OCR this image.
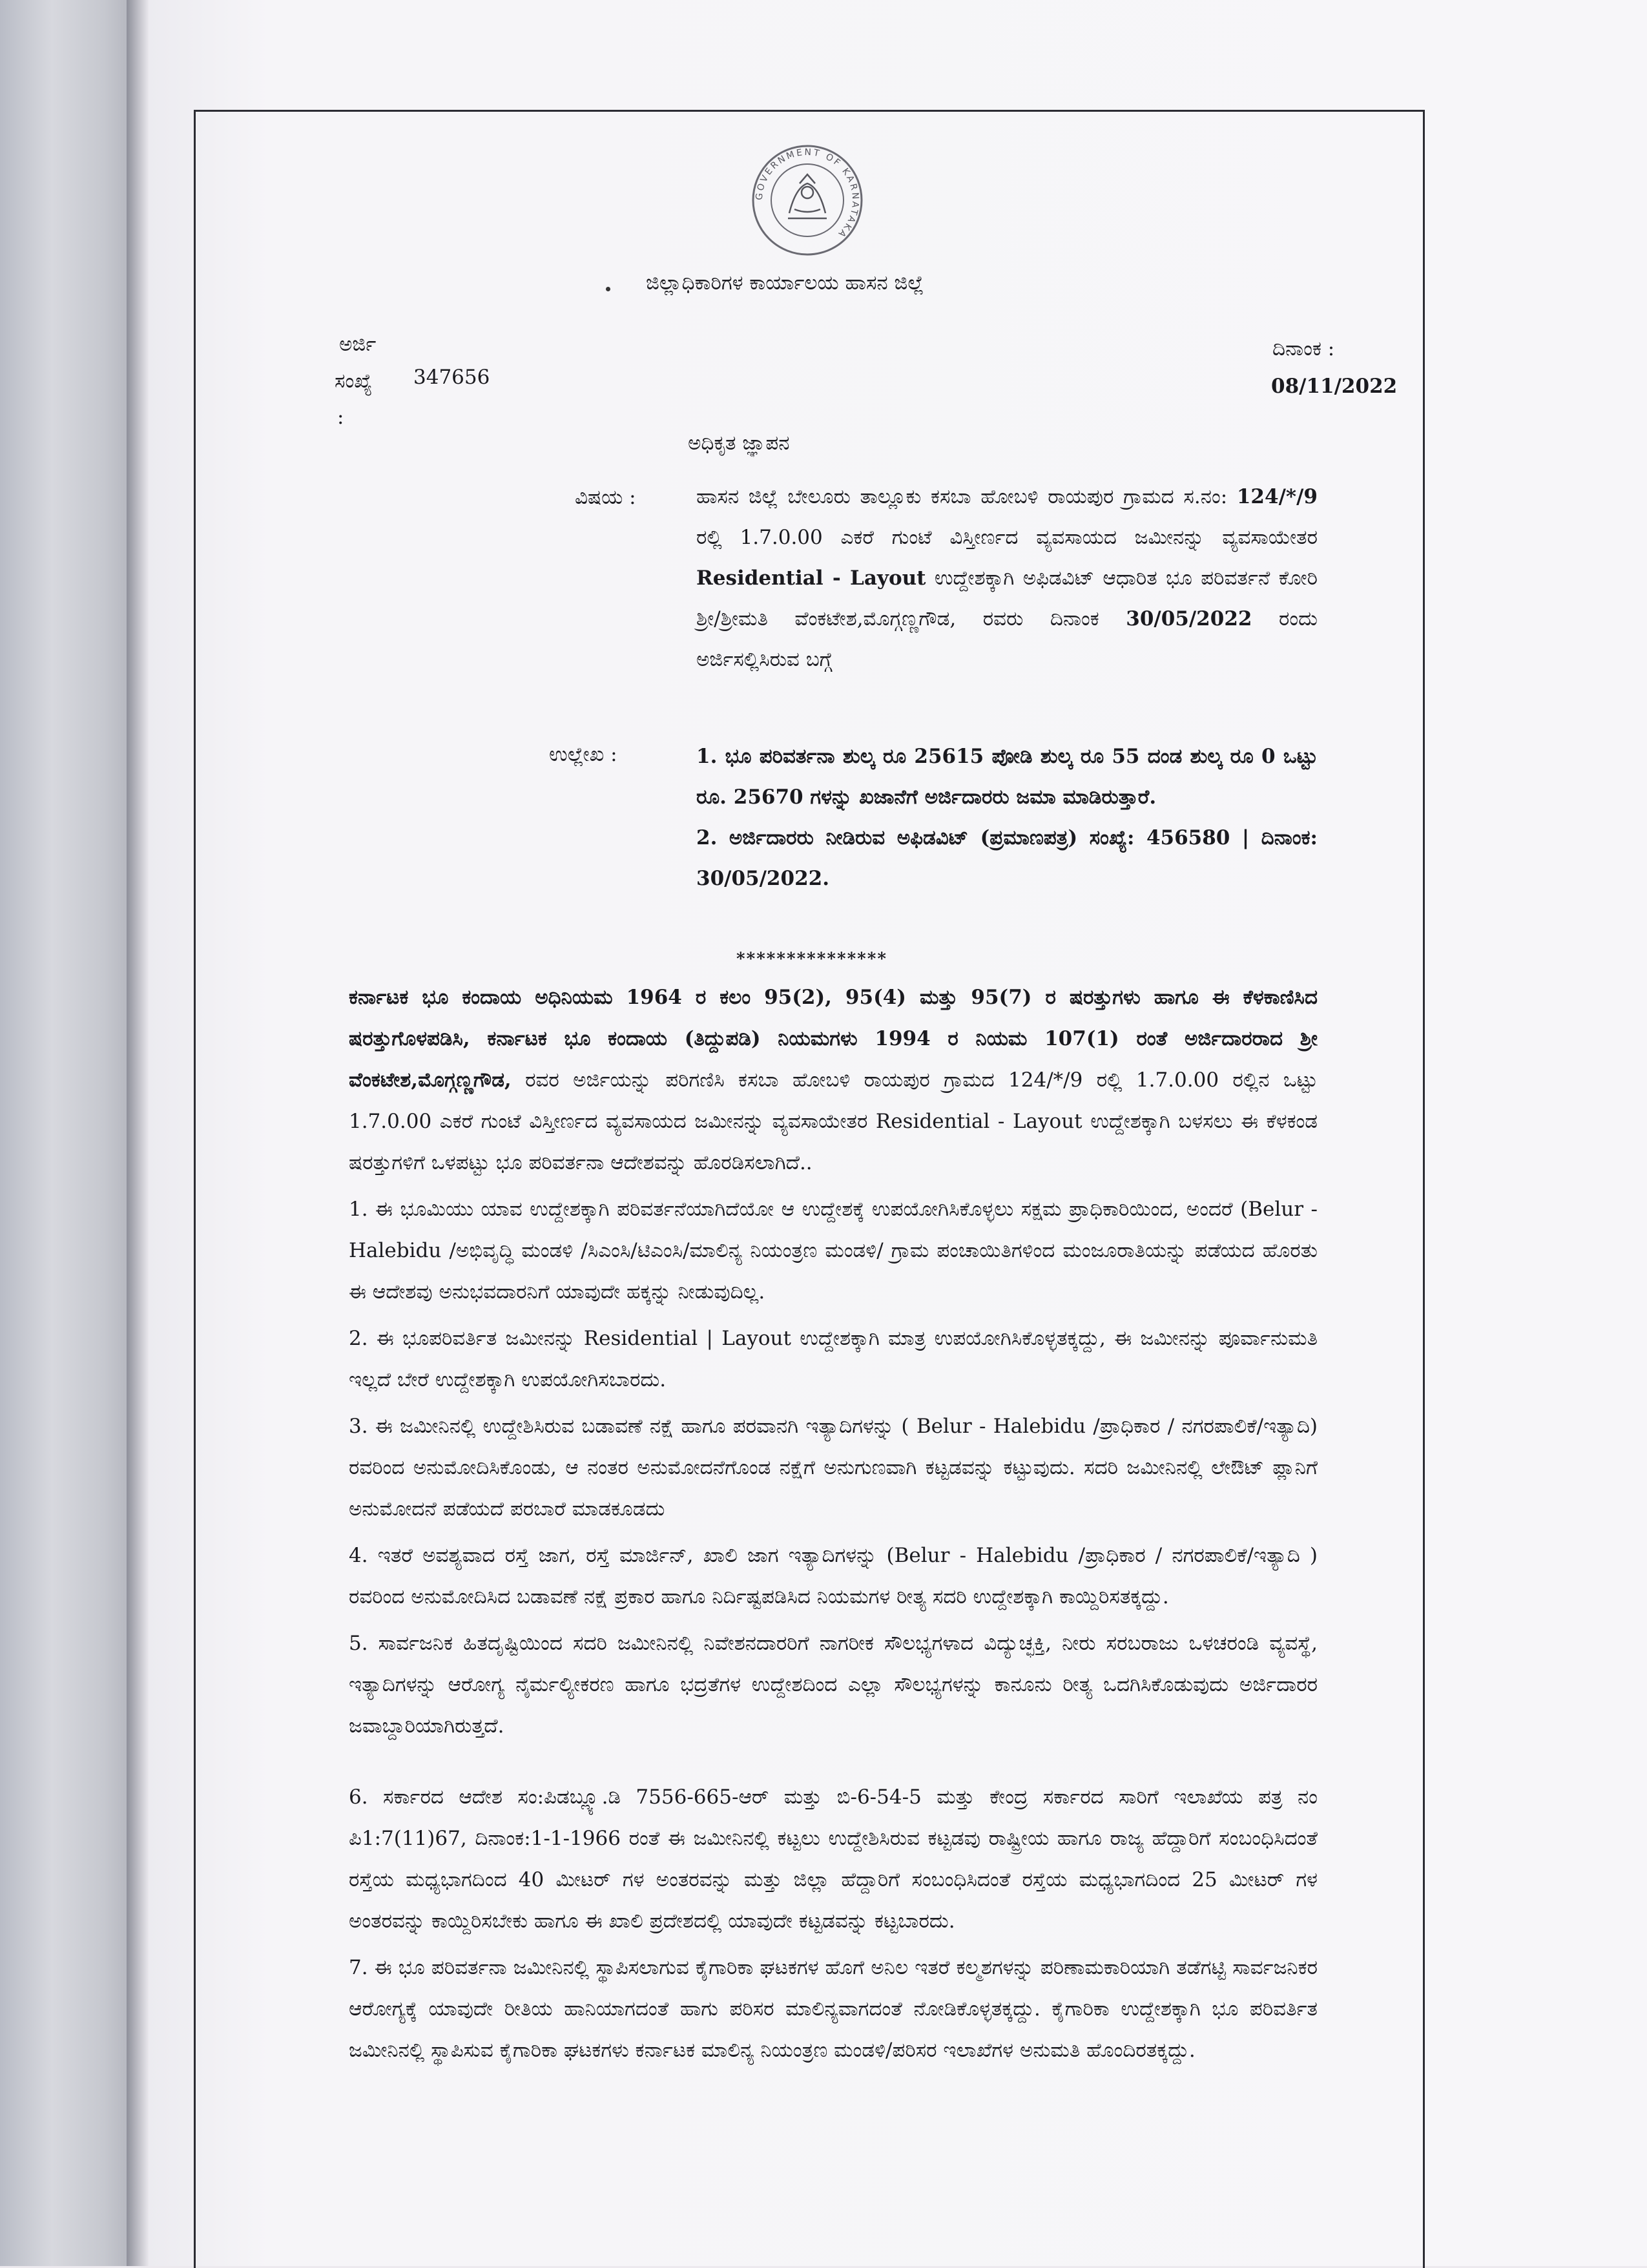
GOVERNMENT OF KARNATAKA
ಜಿಲ್ಲಾಧಿಕಾರಿಗಳ ಕಾರ್ಯಾಲಯ ಹಾಸನ ಜಿಲ್ಲೆ
ಅರ್ಜಿ
ಸಂಖ್ಯೆ 347656
:
ದಿನಾಂಕ :
08/11/2022
ಅಧಿಕೃತ ಜ್ಞಾಪನ
ವಿಷಯ :	ಹಾಸನ ಜಿಲ್ಲೆ ಬೇಲೂರು ತಾಲ್ಲೂಕು ಕಸಬಾ ಹೋಬಳಿ ರಾಯಪುರ ಗ್ರಾಮದ ಸ.ನಂ: 124/*/9 ರಲ್ಲಿ 1.7.0.00 ಎಕರೆ ಗುಂಟೆ ವಿಸ್ತೀರ್ಣದ ವ್ಯವಸಾಯದ ಜಮೀನನ್ನು ವ್ಯವಸಾಯೇತರ Residential - Layout ಉದ್ದೇಶಕ್ಕಾಗಿ ಅಫಿಡವಿಟ್ ಆಧಾರಿತ ಭೂ ಪರಿವರ್ತನೆ ಕೋರಿ ಶ್ರೀ/ಶ್ರೀಮತಿ ವೆಂಕಟೇಶ,ಮೊಗ್ಗಣ್ಣಗೌಡ, ರವರು ದಿನಾಂಕ 30/05/2022 ರಂದು ಅರ್ಜಿಸಲ್ಲಿಸಿರುವ ಬಗ್ಗೆ
ಉಲ್ಲೇಖ :	1. ಭೂ ಪರಿವರ್ತನಾ ಶುಲ್ಕ ರೂ 25615 ಪೋಡಿ ಶುಲ್ಕ ರೂ 55 ದಂಡ ಶುಲ್ಕ ರೂ 0 ಒಟ್ಟು ರೂ. 25670 ಗಳನ್ನು ಖಜಾನೆಗೆ ಅರ್ಜಿದಾರರು ಜಮಾ ಮಾಡಿರುತ್ತಾರೆ.

2. ಅರ್ಜಿದಾರರು ನೀಡಿರುವ ಅಫಿಡವಿಟ್ (ಪ್ರಮಾಣಪತ್ರ) ಸಂಖ್ಯೆ: 456580 | ದಿನಾಂಕ: 30/05/2022.

***************

ಕರ್ನಾಟಕ ಭೂ ಕಂದಾಯ ಅಧಿನಿಯಮ 1964 ರ ಕಲಂ 95(2), 95(4) ಮತ್ತು 95(7) ರ ಷರತ್ತುಗಳು ಹಾಗೂ ಈ ಕೆಳಕಾಣಿಸಿದ ಷರತ್ತುಗೊಳಪಡಿಸಿ, ಕರ್ನಾಟಕ ಭೂ ಕಂದಾಯ (ತಿದ್ದುಪಡಿ) ನಿಯಮಗಳು 1994 ರ ನಿಯಮ 107(1) ರಂತೆ ಅರ್ಜಿದಾರರಾದ ಶ್ರೀ ವೆಂಕಟೇಶ,ಮೊಗ್ಗಣ್ಣಗೌಡ, ರವರ ಅರ್ಜಿಯನ್ನು ಪರಿಗಣಿಸಿ ಕಸಬಾ ಹೋಬಳಿ ರಾಯಪುರ ಗ್ರಾಮದ 124/*/9 ರಲ್ಲಿ 1.7.0.00 ರಲ್ಲಿನ ಒಟ್ಟು 1.7.0.00 ಎಕರೆ ಗುಂಟೆ ವಿಸ್ತೀರ್ಣದ ವ್ಯವಸಾಯದ ಜಮೀನನ್ನು ವ್ಯವಸಾಯೇತರ Residential - Layout ಉದ್ದೇಶಕ್ಕಾಗಿ ಬಳಸಲು ಈ ಕೆಳಕಂಡ ಷರತ್ತುಗಳಿಗೆ ಒಳಪಟ್ಟು ಭೂ ಪರಿವರ್ತನಾ ಆದೇಶವನ್ನು ಹೊರಡಿಸಲಾಗಿದೆ..

1. ಈ ಭೂಮಿಯು ಯಾವ ಉದ್ದೇಶಕ್ಕಾಗಿ ಪರಿವರ್ತನೆಯಾಗಿದೆಯೋ ಆ ಉದ್ದೇಶಕ್ಕೆ ಉಪಯೋಗಿಸಿಕೊಳ್ಳಲು ಸಕ್ಷಮ ಪ್ರಾಧಿಕಾರಿಯಿಂದ, ಅಂದರೆ (Belur - Halebidu /ಅಭಿವೃದ್ಧಿ ಮಂಡಳಿ /ಸಿಎಂಸಿ/ಟಿಎಂಸಿ/ಮಾಲಿನ್ಯ ನಿಯಂತ್ರಣ ಮಂಡಳಿ/ ಗ್ರಾಮ ಪಂಚಾಯಿತಿಗಳಿಂದ ಮಂಜೂರಾತಿಯನ್ನು ಪಡೆಯದ ಹೊರತು ಈ ಆದೇಶವು ಅನುಭವದಾರನಿಗೆ ಯಾವುದೇ ಹಕ್ಕನ್ನು ನೀಡುವುದಿಲ್ಲ.

2. ಈ ಭೂಪರಿವರ್ತಿತ ಜಮೀನನ್ನು Residential | Layout ಉದ್ದೇಶಕ್ಕಾಗಿ ಮಾತ್ರ ಉಪಯೋಗಿಸಿಕೊಳ್ಳತಕ್ಕದ್ದು, ಈ ಜಮೀನನ್ನು ಪೂರ್ವಾನುಮತಿ ಇಲ್ಲದೆ ಬೇರೆ ಉದ್ದೇಶಕ್ಕಾಗಿ ಉಪಯೋಗಿಸಬಾರದು.

3. ಈ ಜಮೀನಿನಲ್ಲಿ ಉದ್ದೇಶಿಸಿರುವ ಬಡಾವಣೆ ನಕ್ಷೆ ಹಾಗೂ ಪರವಾನಗಿ ಇತ್ಯಾದಿಗಳನ್ನು ( Belur - Halebidu /ಪ್ರಾಧಿಕಾರ / ನಗರಪಾಲಿಕೆ/ಇತ್ಯಾದಿ) ರವರಿಂದ ಅನುಮೋದಿಸಿಕೊಂಡು, ಆ ನಂತರ ಅನುಮೋದನೆಗೊಂಡ ನಕ್ಷೆಗೆ ಅನುಗುಣವಾಗಿ ಕಟ್ಟಡವನ್ನು ಕಟ್ಟುವುದು. ಸದರಿ ಜಮೀನಿನಲ್ಲಿ ಲೇಔಟ್ ಪ್ಲಾನಿಗೆ ಅನುಮೋದನೆ ಪಡೆಯದೆ ಪರಬಾರೆ ಮಾಡಕೂಡದು

4. ಇತರೆ ಅವಶ್ಯವಾದ ರಸ್ತೆ ಜಾಗ, ರಸ್ತೆ ಮಾರ್ಜಿನ್, ಖಾಲಿ ಜಾಗ ಇತ್ಯಾದಿಗಳನ್ನು (Belur - Halebidu /ಪ್ರಾಧಿಕಾರ / ನಗರಪಾಲಿಕೆ/ಇತ್ಯಾದಿ ) ರವರಿಂದ ಅನುಮೋದಿಸಿದ ಬಡಾವಣೆ ನಕ್ಷೆ ಪ್ರಕಾರ ಹಾಗೂ ನಿರ್ದಿಷ್ಟಪಡಿಸಿದ ನಿಯಮಗಳ ರೀತ್ಯ ಸದರಿ ಉದ್ದೇಶಕ್ಕಾಗಿ ಕಾಯ್ದಿರಿಸತಕ್ಕದ್ದು.

5. ಸಾರ್ವಜನಿಕ ಹಿತದೃಷ್ಟಿಯಿಂದ ಸದರಿ ಜಮೀನಿನಲ್ಲಿ ನಿವೇಶನದಾರರಿಗೆ ನಾಗರೀಕ ಸೌಲಭ್ಯಗಳಾದ ವಿದ್ಯುಚ್ಛಕ್ತಿ, ನೀರು ಸರಬರಾಜು ಒಳಚರಂಡಿ ವ್ಯವಸ್ಥೆ, ಇತ್ಯಾದಿಗಳನ್ನು ಆರೋಗ್ಯ ನೈರ್ಮಲ್ಯೀಕರಣ ಹಾಗೂ ಭದ್ರತೆಗಳ ಉದ್ದೇಶದಿಂದ ಎಲ್ಲಾ ಸೌಲಭ್ಯಗಳನ್ನು ಕಾನೂನು ರೀತ್ಯ ಒದಗಿಸಿಕೊಡುವುದು ಅರ್ಜಿದಾರರ ಜವಾಬ್ದಾರಿಯಾಗಿರುತ್ತದೆ.

6. ಸರ್ಕಾರದ ಆದೇಶ ಸಂ:ಪಿಡಬ್ಲ್ಯೂ.ಡಿ 7556-665-ಆರ್ ಮತ್ತು ಬಿ-6-54-5 ಮತ್ತು ಕೇಂದ್ರ ಸರ್ಕಾರದ ಸಾರಿಗೆ ಇಲಾಖೆಯ ಪತ್ರ ನಂ ಪಿ1:7(11)67, ದಿನಾಂಕ:1-1-1966 ರಂತೆ ಈ ಜಮೀನಿನಲ್ಲಿ ಕಟ್ಟಲು ಉದ್ದೇಶಿಸಿರುವ ಕಟ್ಟಡವು ರಾಷ್ಟ್ರೀಯ ಹಾಗೂ ರಾಜ್ಯ ಹೆದ್ದಾರಿಗೆ ಸಂಬಂಧಿಸಿದಂತೆ ರಸ್ತೆಯ ಮಧ್ಯಭಾಗದಿಂದ 40 ಮೀಟರ್ ಗಳ ಅಂತರವನ್ನು ಮತ್ತು ಜಿಲ್ಲಾ ಹೆದ್ದಾರಿಗೆ ಸಂಬಂಧಿಸಿದಂತೆ ರಸ್ತೆಯ ಮಧ್ಯಭಾಗದಿಂದ 25 ಮೀಟರ್ ಗಳ ಅಂತರವನ್ನು ಕಾಯ್ದಿರಿಸಬೇಕು ಹಾಗೂ ಈ ಖಾಲಿ ಪ್ರದೇಶದಲ್ಲಿ ಯಾವುದೇ ಕಟ್ಟಡವನ್ನು ಕಟ್ಟಬಾರದು.

7. ಈ ಭೂ ಪರಿವರ್ತನಾ ಜಮೀನಿನಲ್ಲಿ ಸ್ಥಾಪಿಸಲಾಗುವ ಕೈಗಾರಿಕಾ ಘಟಕಗಳ ಹೊಗೆ ಅನಿಲ ಇತರೆ ಕಲ್ಮಶಗಳನ್ನು ಪರಿಣಾಮಕಾರಿಯಾಗಿ ತಡೆಗಟ್ಟಿ ಸಾರ್ವಜನಿಕರ ಆರೋಗ್ಯಕ್ಕೆ ಯಾವುದೇ ರೀತಿಯ ಹಾನಿಯಾಗದಂತೆ ಹಾಗು ಪರಿಸರ ಮಾಲಿನ್ಯವಾಗದಂತೆ ನೋಡಿಕೊಳ್ಳತಕ್ಕದ್ದು. ಕೈಗಾರಿಕಾ ಉದ್ದೇಶಕ್ಕಾಗಿ ಭೂ ಪರಿವರ್ತಿತ ಜಮೀನಿನಲ್ಲಿ ಸ್ಥಾಪಿಸುವ ಕೈಗಾರಿಕಾ ಘಟಕಗಳು ಕರ್ನಾಟಕ ಮಾಲಿನ್ಯ ನಿಯಂತ್ರಣ ಮಂಡಳಿ/ಪರಿಸರ ಇಲಾಖೆಗಳ ಅನುಮತಿ ಹೊಂದಿರತಕ್ಕದ್ದು.
